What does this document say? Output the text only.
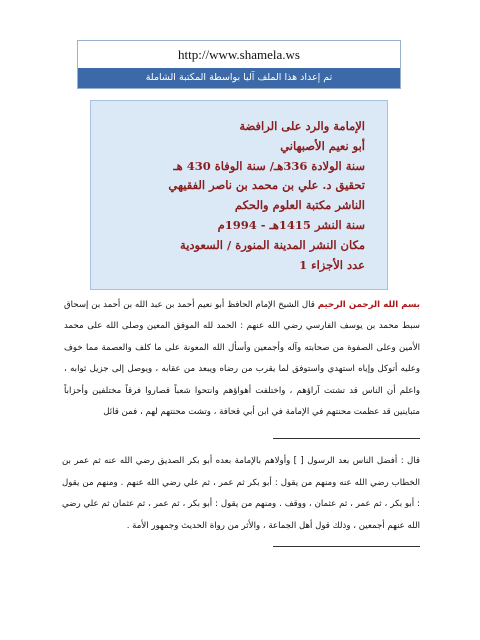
http://www.shamela.ws
تم إعداد هذا الملف آليا بواسطة المكتبة الشاملة
الإمامة والرد على الرافضة
أبو نعيم الأصبهاني
سنة الولادة 336هـ/ سنة الوفاة 430 هـ
تحقيق د. علي بن محمد بن ناصر الفقيهي
الناشر مكتبة العلوم والحكم
سنة النشر 1415هـ - 1994م
مكان النشر المدينة المنورة / السعودية
عدد الأجزاء 1

بسم الله الرحمن الرحيم قال الشيخ الإمام الحافظ أبو نعيم أحمد بن عبد الله بن أحمد بن إسحاق سبط محمد بن يوسف الفارسي رضي الله عنهم : الحمد لله الموفق المعين وصلى الله على محمد الأمين وعلى الصفوة من صحابته وآله وأجمعين وأسأل الله المعونة على ما كلف والعصمة مما خوف وعليه أتوكل وإياه استهدي واستوفق لما يقرب من رضاه ويبعد من عقابه ، ويوصل إلى جزيل ثوابه ، واعلم أن الناس قد تشتت آراؤهم ، واختلفت أهواؤهم وانتحوا شعباً قصاروا فرقاً مختلفين وأحزاباً متباينين قد عظمت محنتهم في الإمامة في ابن أبي قحافة ، وتشت محنتهم لهم ، فمن قائل

قال : أفضل الناس بعد الرسول [ ] وأولاهم بالإمامة بعده أبو بكر الصديق رضي الله عنه ثم عمر بن الخطاب رضي الله عنه ومنهم من يقول : أبو بكر ثم عمر ، ثم علي رضي الله عنهم . ومنهم من يقول : أبو بكر ، ثم عمر ، ثم عثمان ، ووقف . ومنهم من يقول : أبو بكر ، ثم عمر ، ثم عثمان ثم علي رضي الله عنهم أجمعين ، وذلك قول أهل الجماعة ، والأثر من رواة الحديث وجمهور الأمة .
